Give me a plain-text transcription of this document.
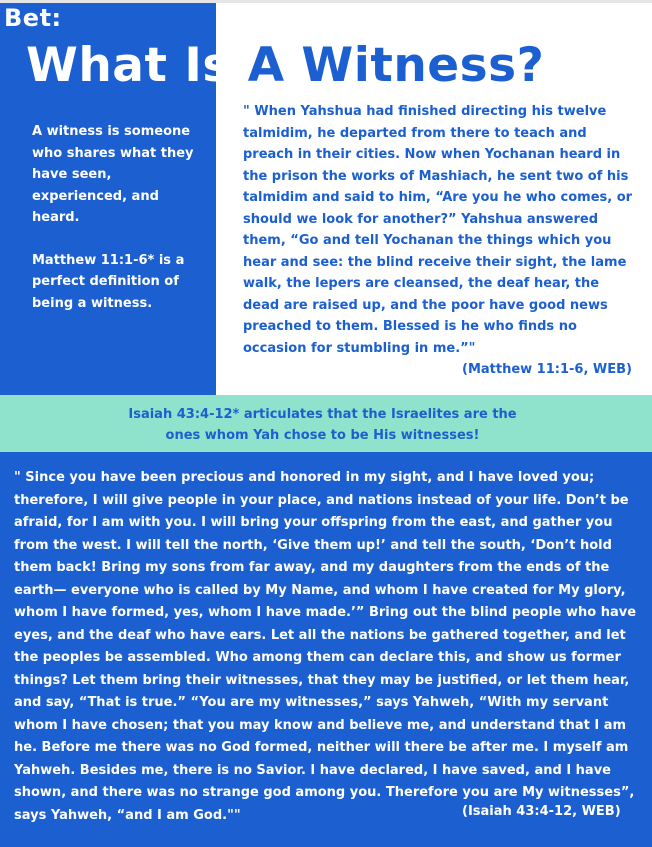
Bet:
What Is A Witness?

A witness is someone who shares what they have seen, experienced, and heard.

Matthew 11:1-6* is a perfect definition of being a witness.

" When Yahshua had finished directing his twelve talmidim, he departed from there to teach and preach in their cities. Now when Yochanan heard in the prison the works of Mashiach, he sent two of his talmidim and said to him, “Are you he who comes, or should we look for another?” Yahshua answered them, “Go and tell Yochanan the things which you hear and see: the blind receive their sight, the lame walk, the lepers are cleansed, the deaf hear, the dead are raised up, and the poor have good news preached to them. Blessed is he who finds no occasion for stumbling in me.”"
(Matthew 11:1-6, WEB)
Isaiah 43:4-12* articulates that the Israelites are the
ones whom Yah chose to be His witnesses!
" Since you have been precious and honored in my sight, and I have loved you; therefore, I will give people in your place, and nations instead of your life. Don’t be afraid, for I am with you. I will bring your offspring from the east, and gather you from the west. I will tell the north, ‘Give them up!’ and tell the south, ‘Don’t hold them back! Bring my sons from far away, and my daughters from the ends of the earth— everyone who is called by My Name, and whom I have created for My glory, whom I have formed, yes, whom I have made.’” Bring out the blind people who have eyes, and the deaf who have ears. Let all the nations be gathered together, and let the peoples be assembled. Who among them can declare this, and show us former things? Let them bring their witnesses, that they may be justified, or let them hear, and say, “That is true.” “You are my witnesses,” says Yahweh, “With my servant whom I have chosen; that you may know and believe me, and understand that I am he. Before me there was no God formed, neither will there be after me. I myself am Yahweh. Besides me, there is no Savior. I have declared, I have saved, and I have shown, and there was no strange god among you. Therefore you are My witnesses”, says Yahweh, “and I am God.""	(Isaiah 43:4-12, WEB)
